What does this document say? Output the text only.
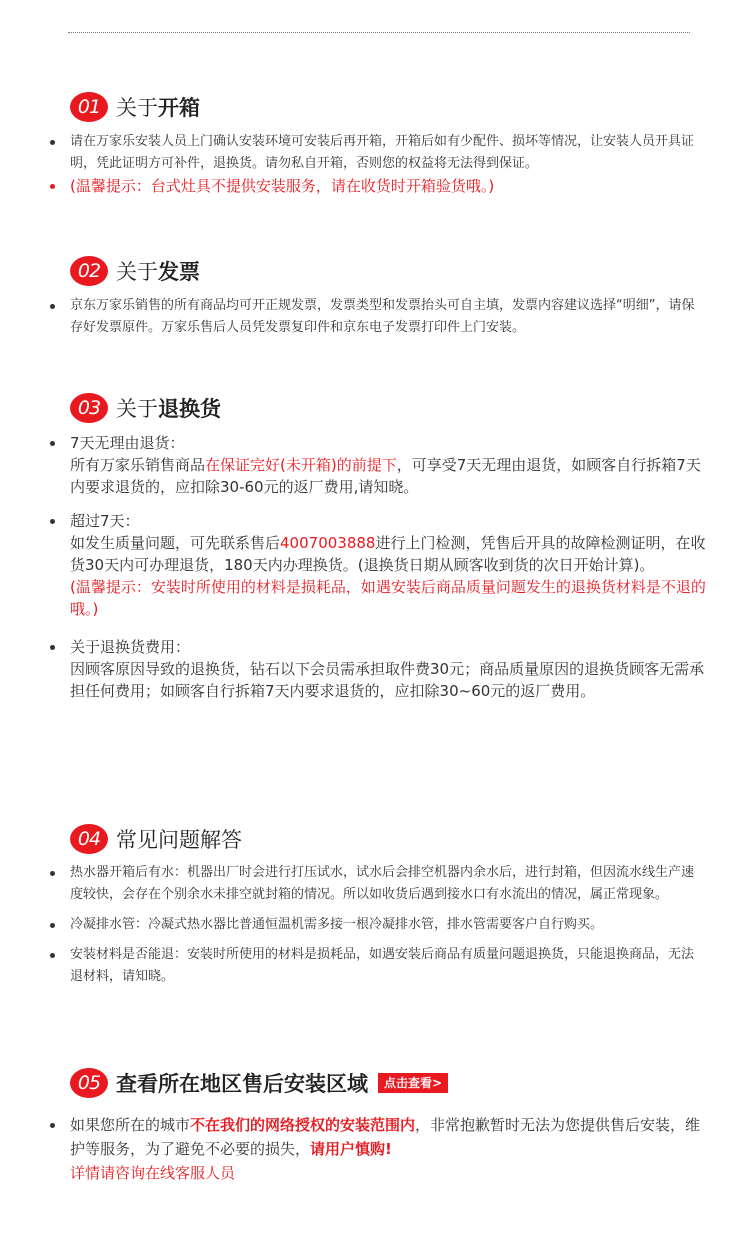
01 关于开箱

请在万家乐安装人员上门确认安装环境可安装后再开箱，开箱后如有少配件、损坏等情况，让安装人员开具证明，凭此证明方可补件，退换货。请勿私自开箱，否则您的权益将无法得到保证。

(温馨提示：台式灶具不提供安装服务，请在收货时开箱验货哦。)

02 关于发票

京东万家乐销售的所有商品均可开正规发票，发票类型和发票抬头可自主填，发票内容建议选择“明细”，请保存好发票原件。万家乐售后人员凭发票复印件和京东电子发票打印件上门安装。

03 关于退换货

7天无理由退货：

所有万家乐销售商品在保证完好(未开箱)的前提下，可享受7天无理由退货，如顾客自行拆箱7天内要求退货的，应扣除30-60元的返厂费用,请知晓。

超过7天：

如发生质量问题，可先联系售后4007003888进行上门检测，凭售后开具的故障检测证明，在收货30天内可办理退货，180天内办理换货。(退换货日期从顾客收到货的次日开始计算)。

(温馨提示：安装时所使用的材料是损耗品，如遇安装后商品质量问题发生的退换货材料是不退的哦。)

关于退换货费用：

因顾客原因导致的退换货，钻石以下会员需承担取件费30元；商品质量原因的退换货顾客无需承担任何费用；如顾客自行拆箱7天内要求退货的，应扣除30~60元的返厂费用。

04 常见问题解答

热水器开箱后有水：机器出厂时会进行打压试水，试水后会排空机器内余水后，进行封箱，但因流水线生产速度较快，会存在个别余水未排空就封箱的情况。所以如收货后遇到接水口有水流出的情况，属正常现象。

冷凝排水管：冷凝式热水器比普通恒温机需多接一根冷凝排水管，排水管需要客户自行购买。

安装材料是否能退：安装时所使用的材料是损耗品，如遇安装后商品有质量问题退换货，只能退换商品，无法退材料，请知晓。

05 查看所在地区售后安装区域	点击查看>

如果您所在的城市不在我们的网络授权的安装范围内，非常抱歉暂时无法为您提供售后安装，维护等服务，为了避免不必要的损失，请用户慎购!

详情请咨询在线客服人员
